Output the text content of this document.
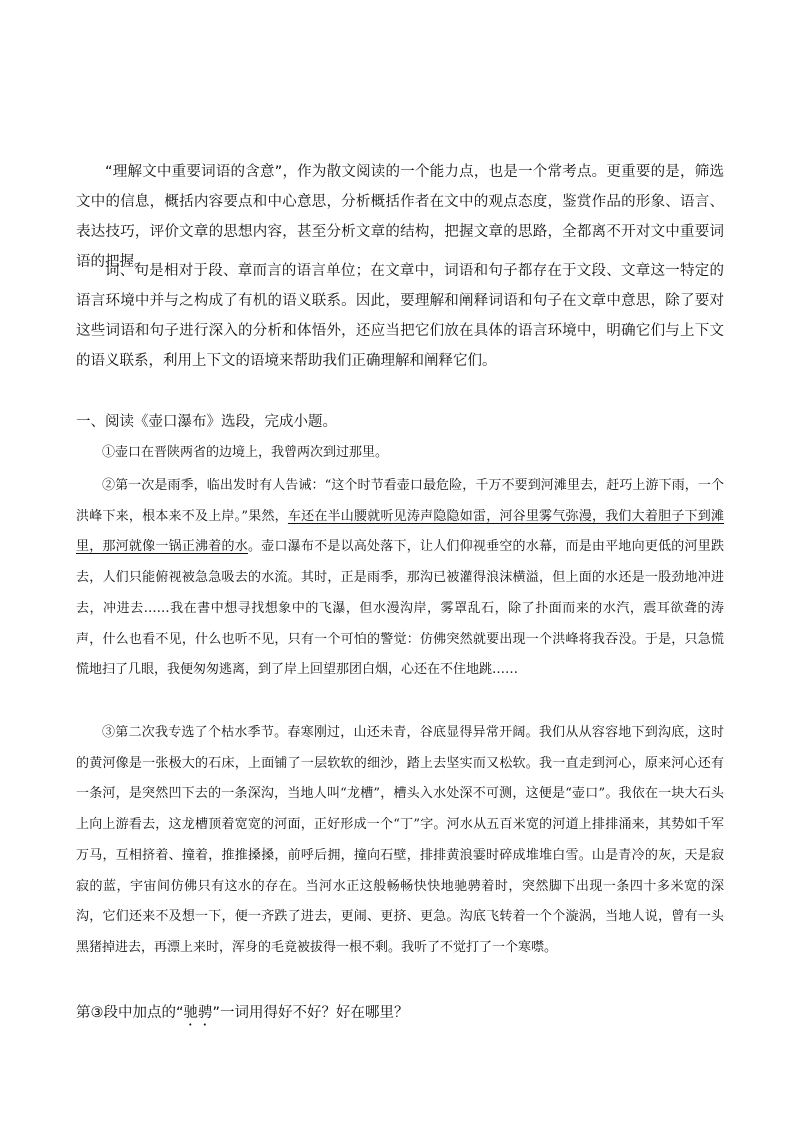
“理解文中重要词语的含意”，作为散文阅读的一个能力点，也是一个常考点。更重要的是，筛选文中的信息，概括内容要点和中心意思，分析概括作者在文中的观点态度，鉴赏作品的形象、语言、表达技巧，评价文章的思想内容，甚至分析文章的结构，把握文章的思路，全都离不开对文中重要词语的把握。

词、句是相对于段、章而言的语言单位；在文章中，词语和句子都存在于文段、文章这一特定的语言环境中并与之构成了有机的语义联系。因此，要理解和阐释词语和句子在文章中意思，除了要对这些词语和句子进行深入的分析和体悟外，还应当把它们放在具体的语言环境中，明确它们与上下文的语义联系，利用上下文的语境来帮助我们正确理解和阐释它们。

一、阅读《壶口瀑布》选段，完成小题。

①壶口在晋陕两省的边境上，我曾两次到过那里。

②第一次是雨季，临出发时有人告诫：“这个时节看壶口最危险，千万不要到河滩里去，赶巧上游下雨，一个洪峰下来，根本来不及上岸。”果然，车还在半山腰就听见涛声隐隐如雷，河谷里雾气弥漫，我们大着胆子下到滩里，那河就像一锅正沸着的水。壶口瀑布不是以高处落下，让人们仰视垂空的水幕，而是由平地向更低的河里跌去，人们只能俯视被急急吸去的水流。其时，正是雨季，那沟已被灌得浪沫横溢，但上面的水还是一股劲地冲进去，冲进去……我在書中想寻找想象中的飞瀑，但水漫沟岸，雾罩乱石，除了扑面而来的水汽，震耳欲聋的涛声，什么也看不见，什么也听不见，只有一个可怕的警觉：仿佛突然就要出现一个洪峰将我吞没。于是，只急慌慌地扫了几眼，我便匆匆逃离，到了岸上回望那团白烟，心还在不住地跳……

③第二次我专选了个枯水季节。春寒刚过，山还未青，谷底显得异常开阔。我们从从容容地下到沟底，这时的黄河像是一张极大的石床，上面铺了一层软软的细沙，踏上去坚实而又松软。我一直走到河心，原来河心还有一条河，是突然凹下去的一条深沟，当地人叫“龙槽”，槽头入水处深不可测，这便是“壶口”。我依在一块大石头上向上游看去，这龙槽顶着宽宽的河面，正好形成一个“丁”字。河水从五百米宽的河道上排排涌来，其势如千军万马，互相挤着、撞着，推推搡搡，前呼后拥，撞向石壁，排排黄浪霎时碎成堆堆白雪。山是青冷的灰，天是寂寂的蓝，宇宙间仿佛只有这水的存在。当河水正这般畅畅快快地驰骋着时，突然脚下出现一条四十多米宽的深沟，它们还来不及想一下，便一齐跌了进去，更闹、更挤、更急。沟底飞转着一个个漩涡，当地人说，曾有一头黑猪掉进去，再漂上来时，浑身的毛竟被拔得一根不剩。我听了不觉打了一个寒噤。

第③段中加点的“驰骋”一词用得好不好？好在哪里？
